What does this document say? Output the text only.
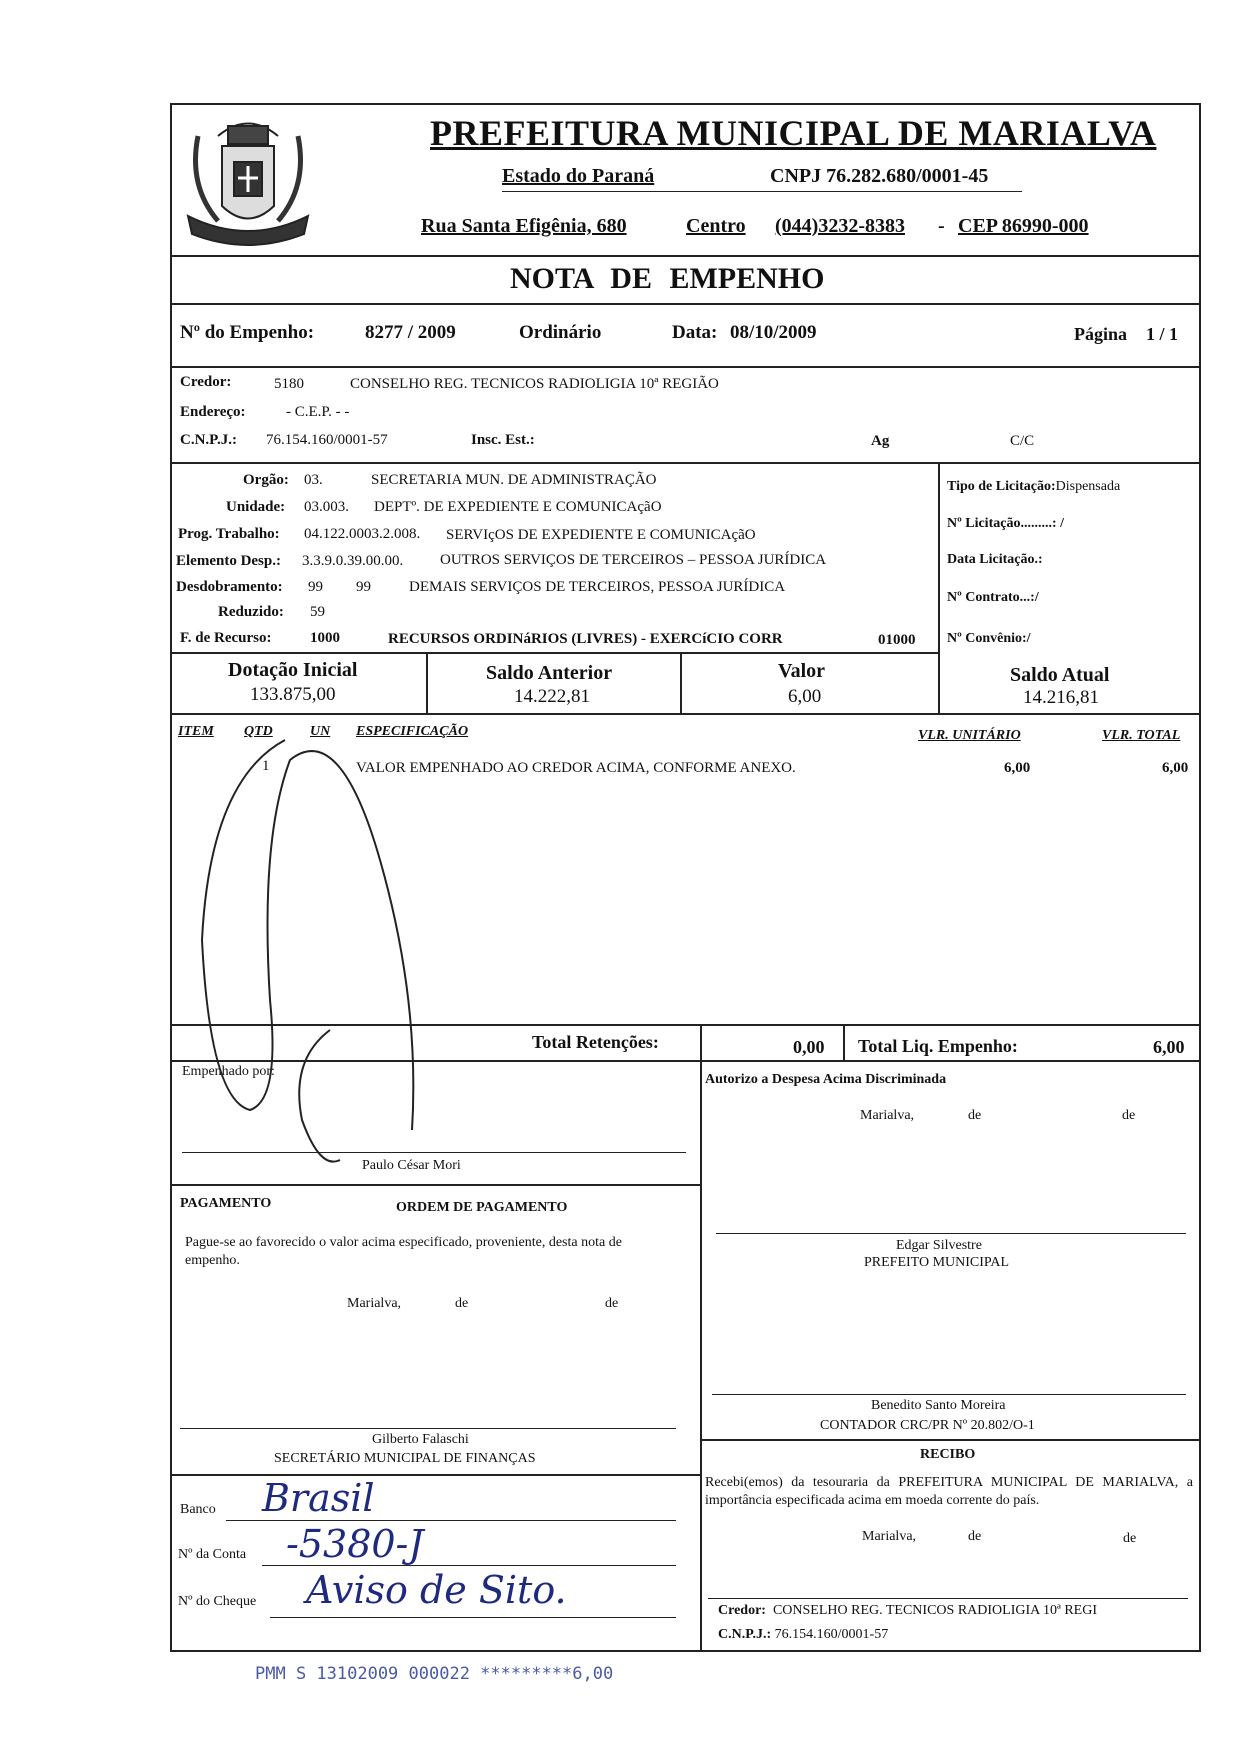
PREFEITURA MUNICIPAL DE MARIALVA
Estado do Paraná	CNPJ 76.282.680/0001-45
Rua Santa Efigênia, 680	Centro (044)3232-8383 - CEP 86990-000
NOTA DE EMPENHO
Nº do Empenho:	8277 / 2009	Ordinário	Data: 08/10/2009	Página 1 / 1
Credor:	5180	CONSELHO REG. TECNICOS RADIOLIGIA 10ª REGIÃO
Endereço:	- C.E.P. - -
C.N.P.J.: 76.154.160/0001-57	Insc. Est.:	Ag	C/C
Orgão: 03.	SECRETARIA MUN. DE ADMINISTRAÇÃO
Unidade: 03.003. DEPTº. DE EXPEDIENTE E COMUNICAçãO
Prog. Trabalho: 04.122.0003.2.008. SERVIçOS DE EXPEDIENTE E COMUNICAçãO
Elemento Desp.: 3.3.9.0.39.00.00. OUTROS SERVIÇOS DE TERCEIROS – PESSOA JURÍDICA
Desdobramento: 99 99	DEMAIS SERVIÇOS DE TERCEIROS, PESSOA JURÍDICA
Reduzido: 59
F. de Recurso:	1000	RECURSOS ORDINáRIOS (LIVRES) - EXERCíCIO CORR	01000
Tipo de Licitação:Dispensada
Nº Licitação.........: /
Data Licitação.:
Nº Contrato...:/
Nº Convênio:/
Dotação Inicial
133.875,00
Saldo Anterior
14.222,81
Valor
6,00
Saldo Atual
14.216,81
ITEM QTD	UN ESPECIFICAÇÃO	VLR. UNITÁRIO	VLR. TOTAL
1	VALOR EMPENHADO AO CREDOR ACIMA, CONFORME ANEXO.	6,00	6,00
Total Retenções:	0,00 Total Liq. Empenho:	6,00
Empenhado por:
Paulo César Mori
Autorizo a Despesa Acima Discriminada
Marialva,	de	de
Edgar Silvestre
PREFEITO MUNICIPAL
Benedito Santo Moreira
CONTADOR CRC/PR Nº 20.802/O-1
PAGAMENTO	ORDEM DE PAGAMENTO
Pague-se ao favorecido o valor acima especificado, proveniente, desta nota de empenho.
Marialva,	de	de
Gilberto Falaschi
SECRETÁRIO MUNICIPAL DE FINANÇAS
Banco Brasil
Nº da Conta -5380-J
Nº do Cheque Aviso de Sito.
RECIBO
Recebi(emos) da tesouraria da PREFEITURA MUNICIPAL DE MARIALVA, a importância especificada acima em moeda corrente do país.
Marialva,	de	de
Credor: CONSELHO REG. TECNICOS RADIOLIGIA 10ª REGI
C.N.P.J.: 76.154.160/0001-57
PMM S 13102009 000022 *********6,00
